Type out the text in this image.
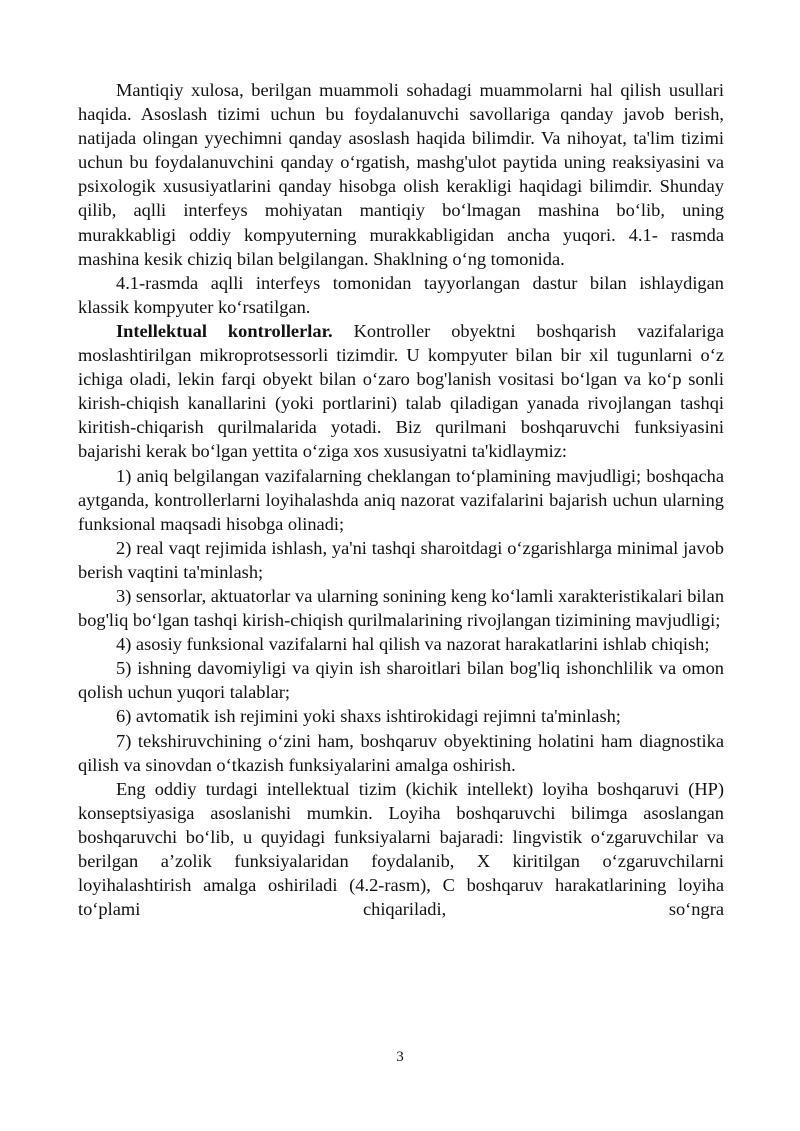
Mantiqiy xulosa, berilgan muammoli sohadagi muammolarni hal qilish usullari haqida. Asoslash tizimi uchun bu foydalanuvchi savollariga qanday javob berish, natijada olingan yyechimni qanday asoslash haqida bilimdir. Va nihoyat, ta'lim tizimi uchun bu foydalanuvchini qanday oʻrgatish, mashg'ulot paytida uning reaksiyasini va psixologik xususiyatlarini qanday hisobga olish kerakligi haqidagi bilimdir. Shunday qilib, aqlli interfeys mohiyatan mantiqiy boʻlmagan mashina boʻlib, uning murakkabligi oddiy kompyuterning murakkabligidan ancha yuqori. 4.1- rasmda mashina kesik chiziq bilan belgilangan. Shaklning oʻng tomonida.

4.1-rasmda aqlli interfeys tomonidan tayyorlangan dastur bilan ishlaydigan klassik kompyuter koʻrsatilgan.

Intellektual kontrollerlar. Kontroller obyektni boshqarish vazifalariga moslashtirilgan mikroprotsessorli tizimdir. U kompyuter bilan bir xil tugunlarni oʻz ichiga oladi, lekin farqi obyekt bilan oʻzaro bog'lanish vositasi boʻlgan va koʻp sonli kirish-chiqish kanallarini (yoki portlarini) talab qiladigan yanada rivojlangan tashqi kiritish-chiqarish qurilmalarida yotadi. Biz qurilmani boshqaruvchi funksiyasini bajarishi kerak boʻlgan yettita oʻziga xos xususiyatni ta'kidlaymiz:

1) aniq belgilangan vazifalarning cheklangan toʻplamining mavjudligi; boshqacha aytganda, kontrollerlarni loyihalashda aniq nazorat vazifalarini bajarish uchun ularning funksional maqsadi hisobga olinadi;

2) real vaqt rejimida ishlash, ya'ni tashqi sharoitdagi oʻzgarishlarga minimal javob berish vaqtini ta'minlash;

3) sensorlar, aktuatorlar va ularning sonining keng koʻlamli xarakteristikalari bilan bog'liq boʻlgan tashqi kirish-chiqish qurilmalarining rivojlangan tizimining mavjudligi;

4) asosiy funksional vazifalarni hal qilish va nazorat harakatlarini ishlab chiqish;

5) ishning davomiyligi va qiyin ish sharoitlari bilan bog'liq ishonchlilik va omon qolish uchun yuqori talablar;

6) avtomatik ish rejimini yoki shaxs ishtirokidagi rejimni ta'minlash;

7) tekshiruvchining oʻzini ham, boshqaruv obyektining holatini ham diagnostika qilish va sinovdan oʻtkazish funksiyalarini amalga oshirish.

Eng oddiy turdagi intellektual tizim (kichik intellekt) loyiha boshqaruvi (HP) konseptsiyasiga asoslanishi mumkin. Loyiha boshqaruvchi bilimga asoslangan boshqaruvchi boʻlib, u quyidagi funksiyalarni bajaradi: lingvistik oʻzgaruvchilar va berilgan a’zolik funksiyalaridan foydalanib, X kiritilgan oʻzgaruvchilarni loyihalashtirish amalga oshiriladi (4.2-rasm), C boshqaruv harakatlarining loyiha toʻplami chiqariladi, soʻngra

3
